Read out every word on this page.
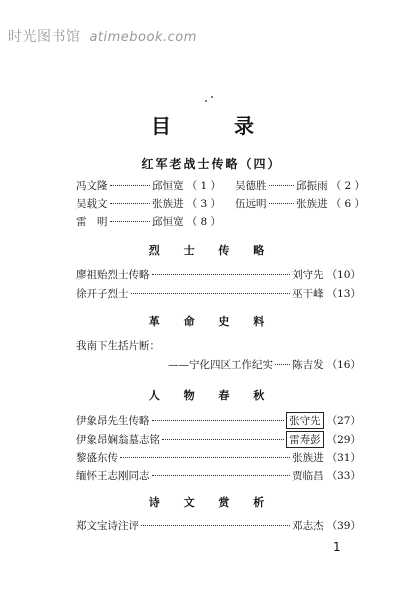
时光图书馆 atimebook.com
目 录
红军老战士传略（四）
冯文隆	邱恒宽 （ 1 ） 吴德胜	邱振雨 （ 2 ）
吴载文	张族进 （ 3 ） 伍远明	张族进 （ 6 ）
雷　明	邱恒宽 （ 8 ）
烈 士 传 略
廖祖贻烈士传略	刘守先 （10）
徐开子烈士	巫干峰 （13）
革 命 史 料
我南下生括片断：
——宁化四区工作纪实 陈吉发 （16）
人 物 春 秋
伊象昂先生传略	张守先 （27）
伊象昂娴翁墓志铭	雷寿彭 （29）
黎盛东传	张族进 （31）
缅怀王志刚同志	贾临昌 （33）
诗 文 赏 析
郑文宝诗注评	邓志杰 （39）
1
